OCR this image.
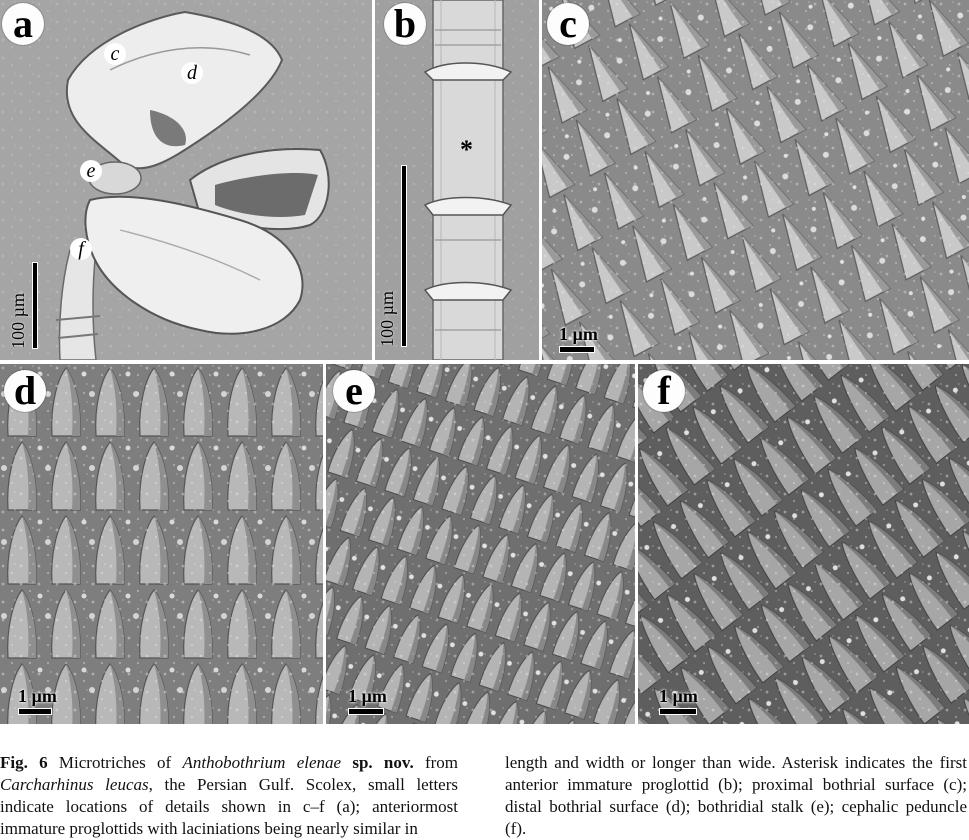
a
c
d
e
f
100 µm
b
*
100 µm
c
1 µm
d
1 µm
e
1 µm
f
1 µm
Fig. 6 Microtriches of Anthobothrium elenae sp. nov. from Carcharhinus leucas, the Persian Gulf. Scolex, small letters indicate locations of details shown in c–f (a); anteriormost immature proglottids with laciniations being nearly similar in
length and width or longer than wide. Asterisk indicates the first anterior immature proglottid (b); proximal bothrial surface (c); distal bothrial surface (d); bothridial stalk (e); cephalic peduncle (f).
